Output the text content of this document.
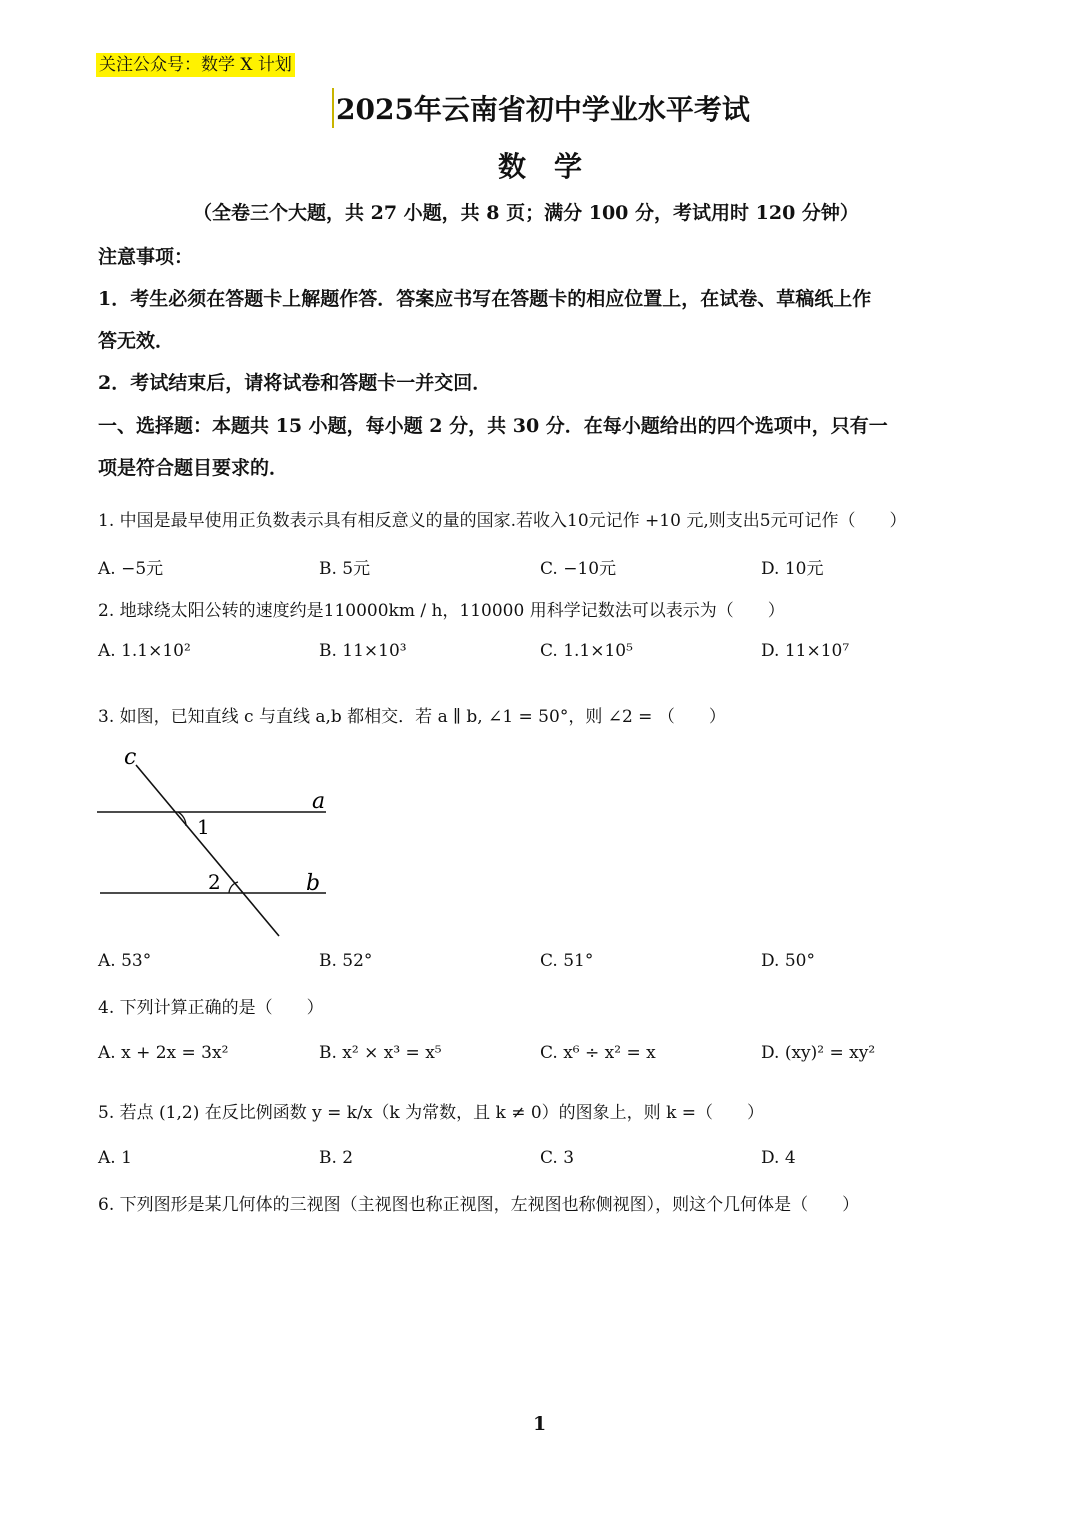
关注公众号：数学 X 计划
2025年云南省初中学业水平考试
数学
（全卷三个大题，共 27 小题，共 8 页；满分 100 分，考试用时 120 分钟）
注意事项：
1．考生必须在答题卡上解题作答．答案应书写在答题卡的相应位置上，在试卷、草稿纸上作
答无效．
2．考试结束后，请将试卷和答题卡一并交回．
一、选择题：本题共 15 小题，每小题 2 分，共 30 分．在每小题给出的四个选项中，只有一
项是符合题目要求的．
1. 中国是最早使用正负数表示具有相反意义的量的国家.若收入10元记作 +10 元,则支出5元可记作（　　）
A. −5元	B. 5元	C. −10元	D. 10元
2. 地球绕太阳公转的速度约是110000km / h，110000 用科学记数法可以表示为（　　）
A. 1.1×10²	B. 11×10³	C. 1.1×10⁵	D. 11×10⁷
3. 如图，已知直线 c 与直线 a,b 都相交．若 a ∥ b, ∠1 = 50°，则 ∠2 = （　　）
c
a
b
1
2
A. 53°	B. 52°	C. 51°	D. 50°
4. 下列计算正确的是（　　）
A. x + 2x = 3x²	B. x² × x³ = x⁵	C. x⁶ ÷ x² = x	D. (xy)² = xy²
5. 若点 (1,2) 在反比例函数 y = k/x（k 为常数，且 k ≠ 0）的图象上，则 k =（　　）
A. 1	B. 2	C. 3	D. 4
6. 下列图形是某几何体的三视图（主视图也称正视图，左视图也称侧视图），则这个几何体是（　　）
1
